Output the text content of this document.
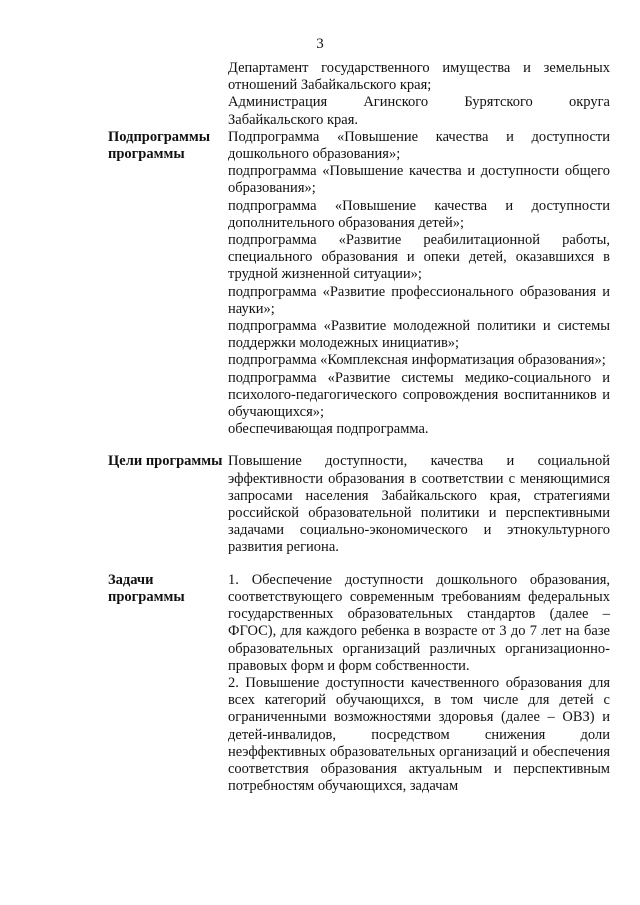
3

Департамент государственного имущества и земельных отношений Забайкальского края;

Администрация Агинского Бурятского округа Забайкальского края.

Подпрограммы программы

Подпрограмма «Повышение качества и доступности дошкольного образования»;

подпрограмма «Повышение качества и доступности общего образования»;

подпрограмма «Повышение качества и доступности дополнительного образования детей»;

подпрограмма «Развитие реабилитационной работы, специального образования и опеки детей, оказавшихся в трудной жизненной ситуации»;

подпрограмма «Развитие профессионального образования и науки»;

подпрограмма «Развитие молодежной политики и системы поддержки молодежных инициатив»;

подпрограмма «Комплексная информатизация образования»;

подпрограмма «Развитие системы медико-социального и психолого-педагогического сопровождения воспитанников и обучающихся»;

обеспечивающая подпрограмма.

Цели программы Повышение доступности, качества и социальной эффективности образования в соответствии с меняющимися запросами населения Забайкальского края, стратегиями российской образовательной политики и перспективными задачами социально-экономического и этнокультурного развития региона.

Задачи программы

1. Обеспечение доступности дошкольного образования, соответствующего современным требованиям федеральных государственных образовательных стандартов (далее – ФГОС), для каждого ребенка в возрасте от 3 до 7 лет на базе образовательных организаций различных организационно-правовых форм и форм собственности.

2. Повышение доступности качественного образования для всех категорий обучающихся, в том числе для детей с ограниченными возможностями здоровья (далее – ОВЗ) и детей-инвалидов, посредством снижения доли неэффективных образовательных организаций и обеспечения соответствия образования актуальным и перспективным потребностям обучающихся, задачам
